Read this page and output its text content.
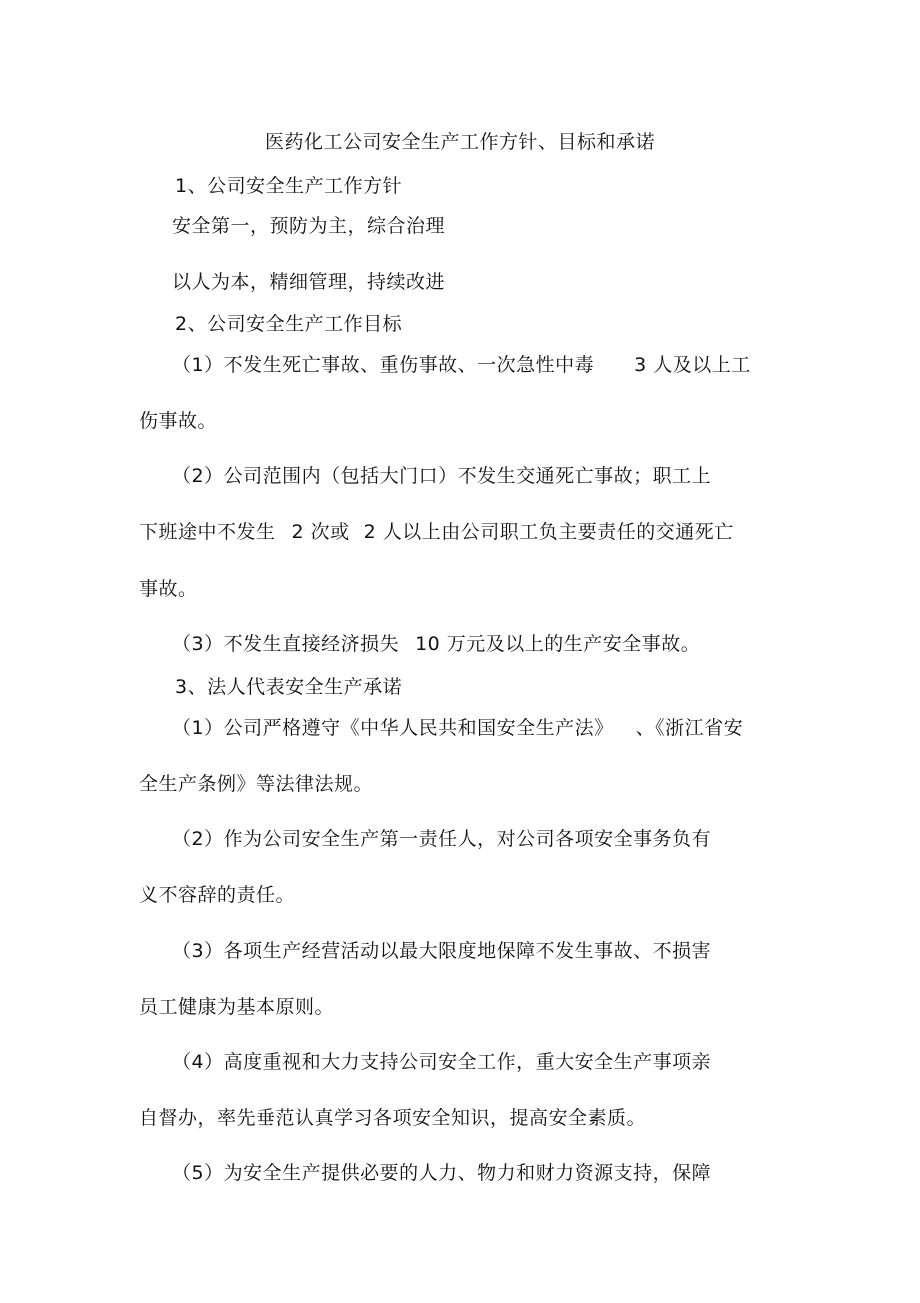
医药化工公司安全生产工作方针、目标和承诺
1、公司安全生产工作方针
安全第一，预防为主，综合治理
以人为本，精细管理，持续改进
2、公司安全生产工作目标
（1）不发生死亡事故、重伤事故、一次急性中毒 3 人及以上工
伤事故。
（2）公司范围内（包括大门口）不发生交通死亡事故；职工上
下班途中不发生 2 次或 2 人以上由公司职工负主要责任的交通死亡
事故。
（3）不发生直接经济损失 10 万元及以上的生产安全事故。
3、法人代表安全生产承诺
（1）公司严格遵守《中华人民共和国安全生产法》 、《浙江省安
全生产条例》等法律法规。
（2）作为公司安全生产第一责任人，对公司各项安全事务负有
义不容辞的责任。
（3）各项生产经营活动以最大限度地保障不发生事故、不损害
员工健康为基本原则。
（4）高度重视和大力支持公司安全工作，重大安全生产事项亲
自督办，率先垂范认真学习各项安全知识，提高安全素质。
（5）为安全生产提供必要的人力、物力和财力资源支持，保障
